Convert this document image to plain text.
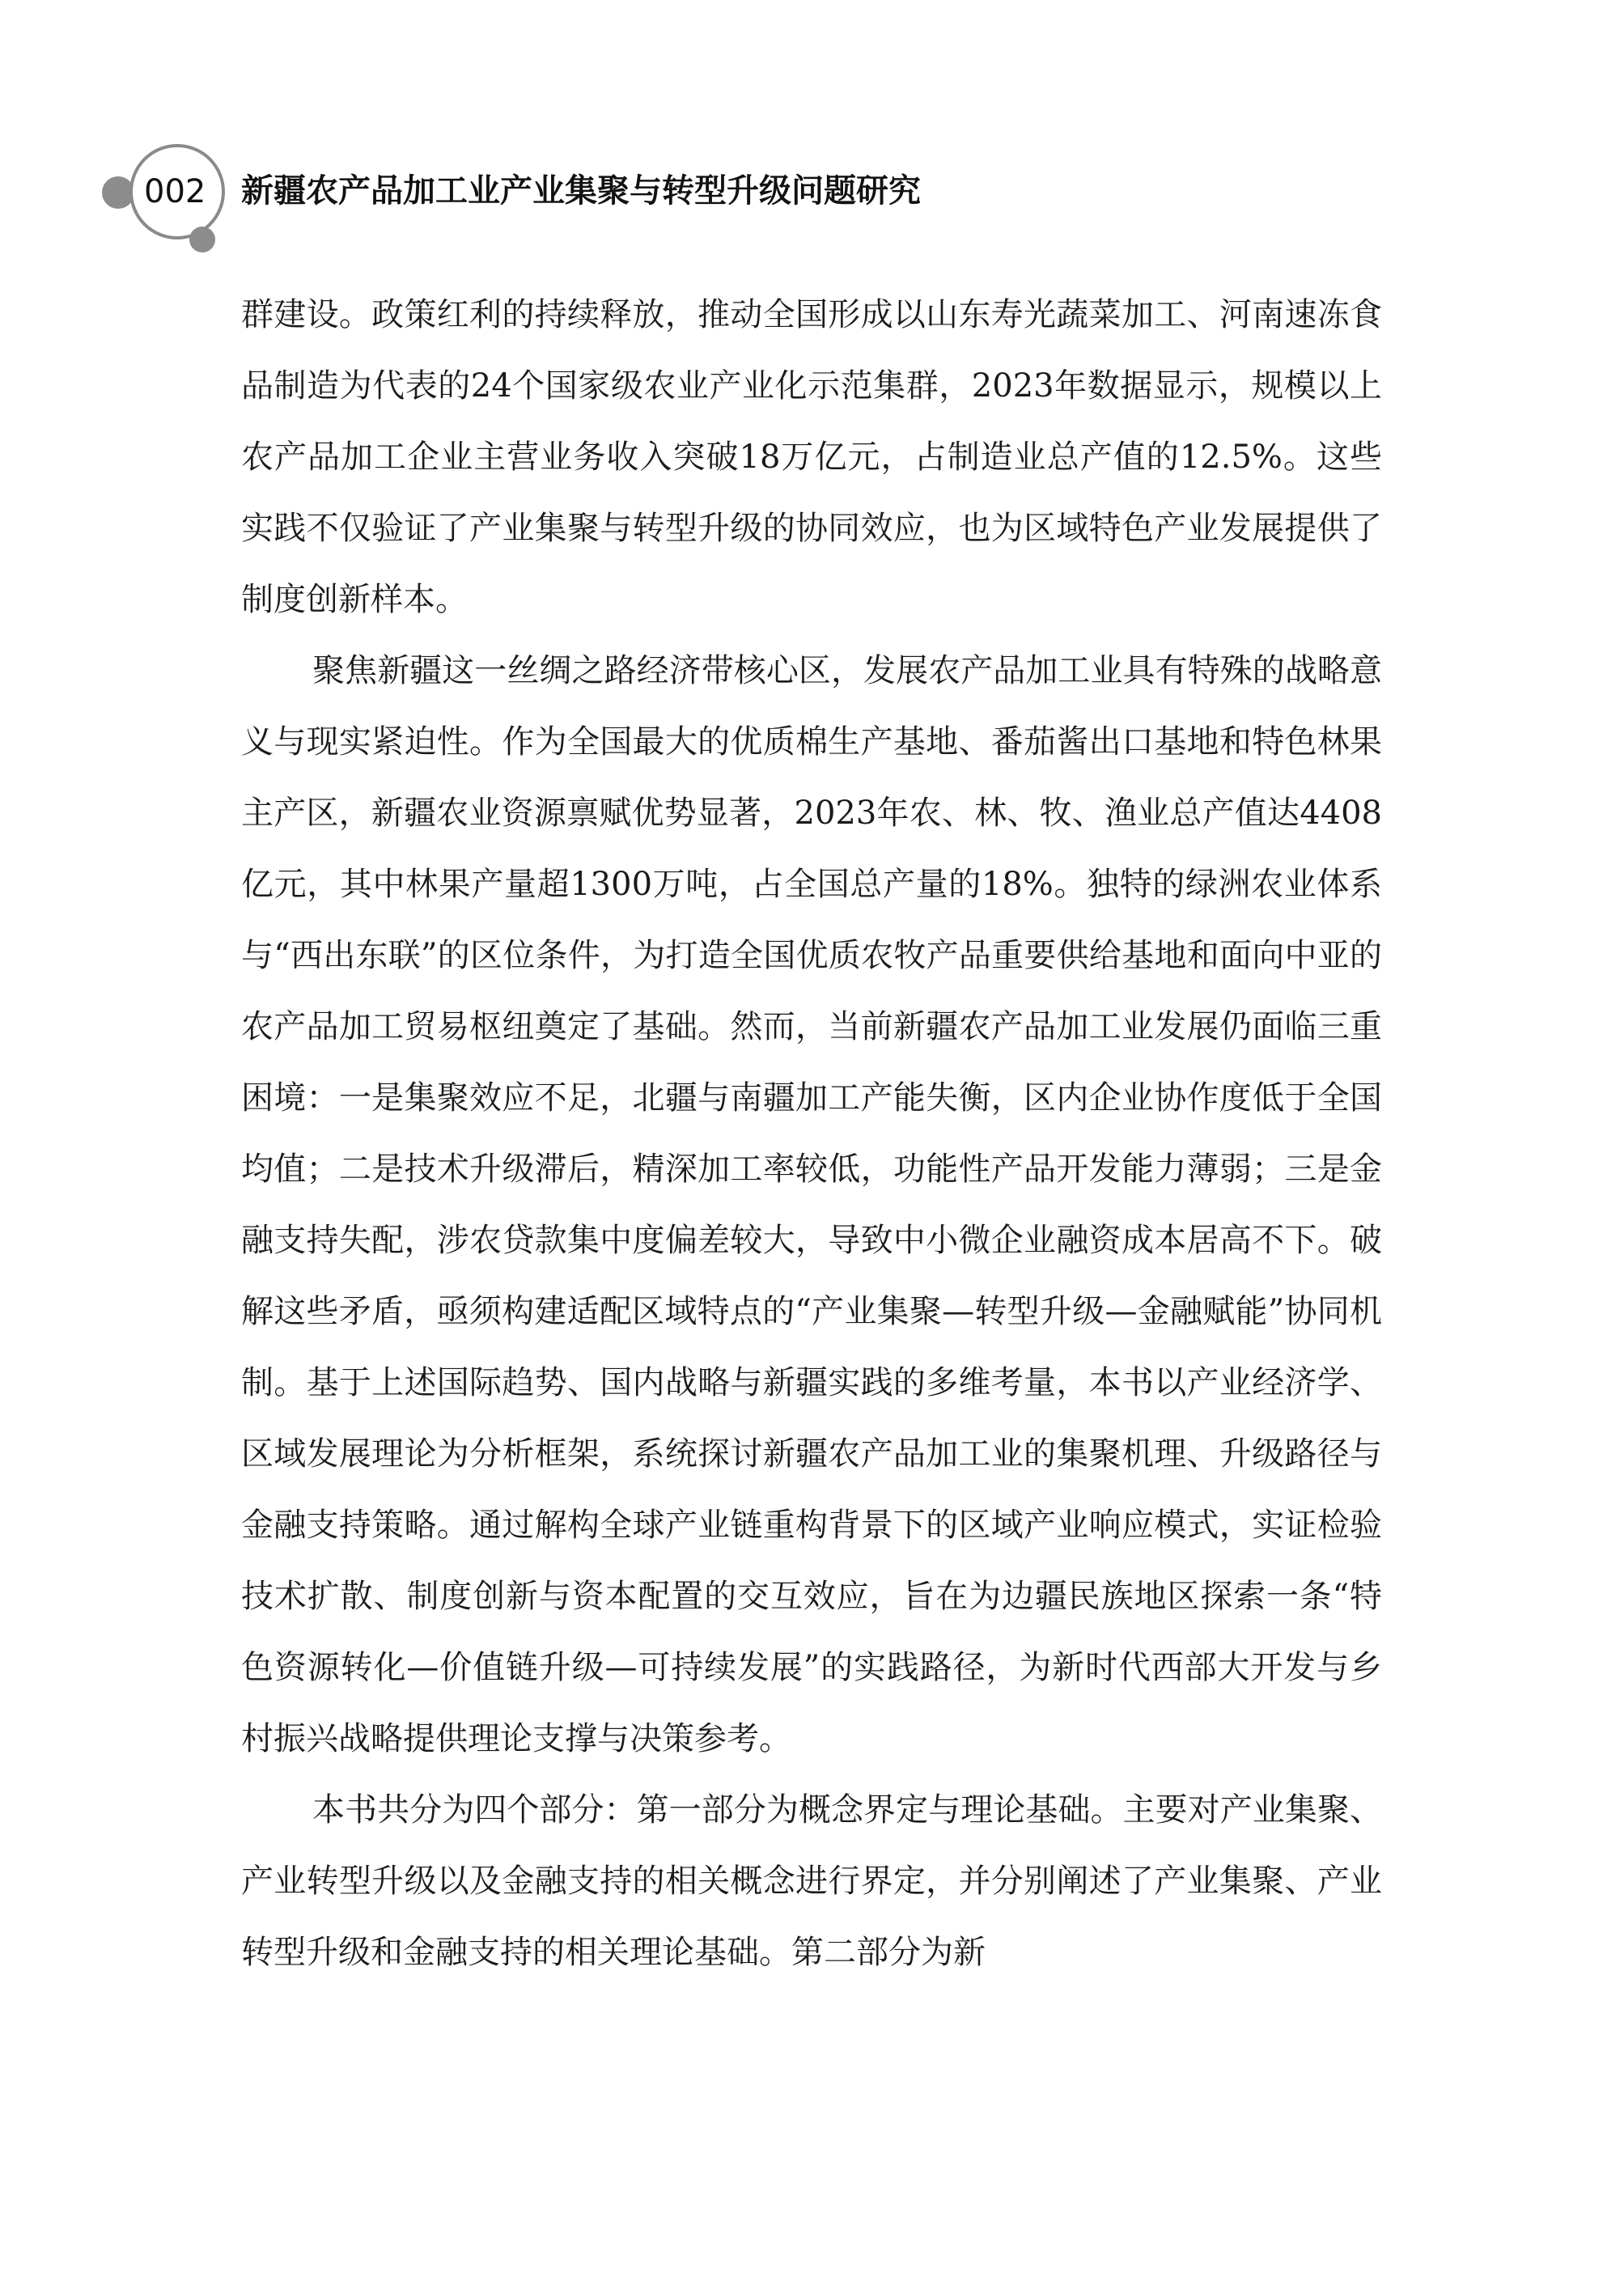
002	新疆农产品加工业产业集聚与转型升级问题研究

群建设。政策红利的持续释放，推动全国形成以山东寿光蔬菜加工、河南速冻食品制造为代表的24个国家级农业产业化示范集群，2023年数据显示，规模以上农产品加工企业主营业务收入突破18万亿元，占制造业总产值的12.5%。这些实践不仅验证了产业集聚与转型升级的协同效应，也为区域特色产业发展提供了制度创新样本。

聚焦新疆这一丝绸之路经济带核心区，发展农产品加工业具有特殊的战略意义与现实紧迫性。作为全国最大的优质棉生产基地、番茄酱出口基地和特色林果主产区，新疆农业资源禀赋优势显著，2023年农、林、牧、渔业总产值达4408亿元，其中林果产量超1300万吨，占全国总产量的18%。独特的绿洲农业体系与“西出东联”的区位条件，为打造全国优质农牧产品重要供给基地和面向中亚的农产品加工贸易枢纽奠定了基础。然而，当前新疆农产品加工业发展仍面临三重困境：一是集聚效应不足，北疆与南疆加工产能失衡，区内企业协作度低于全国均值；二是技术升级滞后，精深加工率较低，功能性产品开发能力薄弱；三是金融支持失配，涉农贷款集中度偏差较大，导致中小微企业融资成本居高不下。破解这些矛盾，亟须构建适配区域特点的“产业集聚—转型升级—金融赋能”协同机制。基于上述国际趋势、国内战略与新疆实践的多维考量，本书以产业经济学、区域发展理论为分析框架，系统探讨新疆农产品加工业的集聚机理、升级路径与金融支持策略。通过解构全球产业链重构背景下的区域产业响应模式，实证检验技术扩散、制度创新与资本配置的交互效应，旨在为边疆民族地区探索一条“特色资源转化—价值链升级—可持续发展”的实践路径，为新时代西部大开发与乡村振兴战略提供理论支撑与决策参考。

本书共分为四个部分：第一部分为概念界定与理论基础。主要对产业集聚、产业转型升级以及金融支持的相关概念进行界定，并分别阐述了产业集聚、产业转型升级和金融支持的相关理论基础。第二部分为新
